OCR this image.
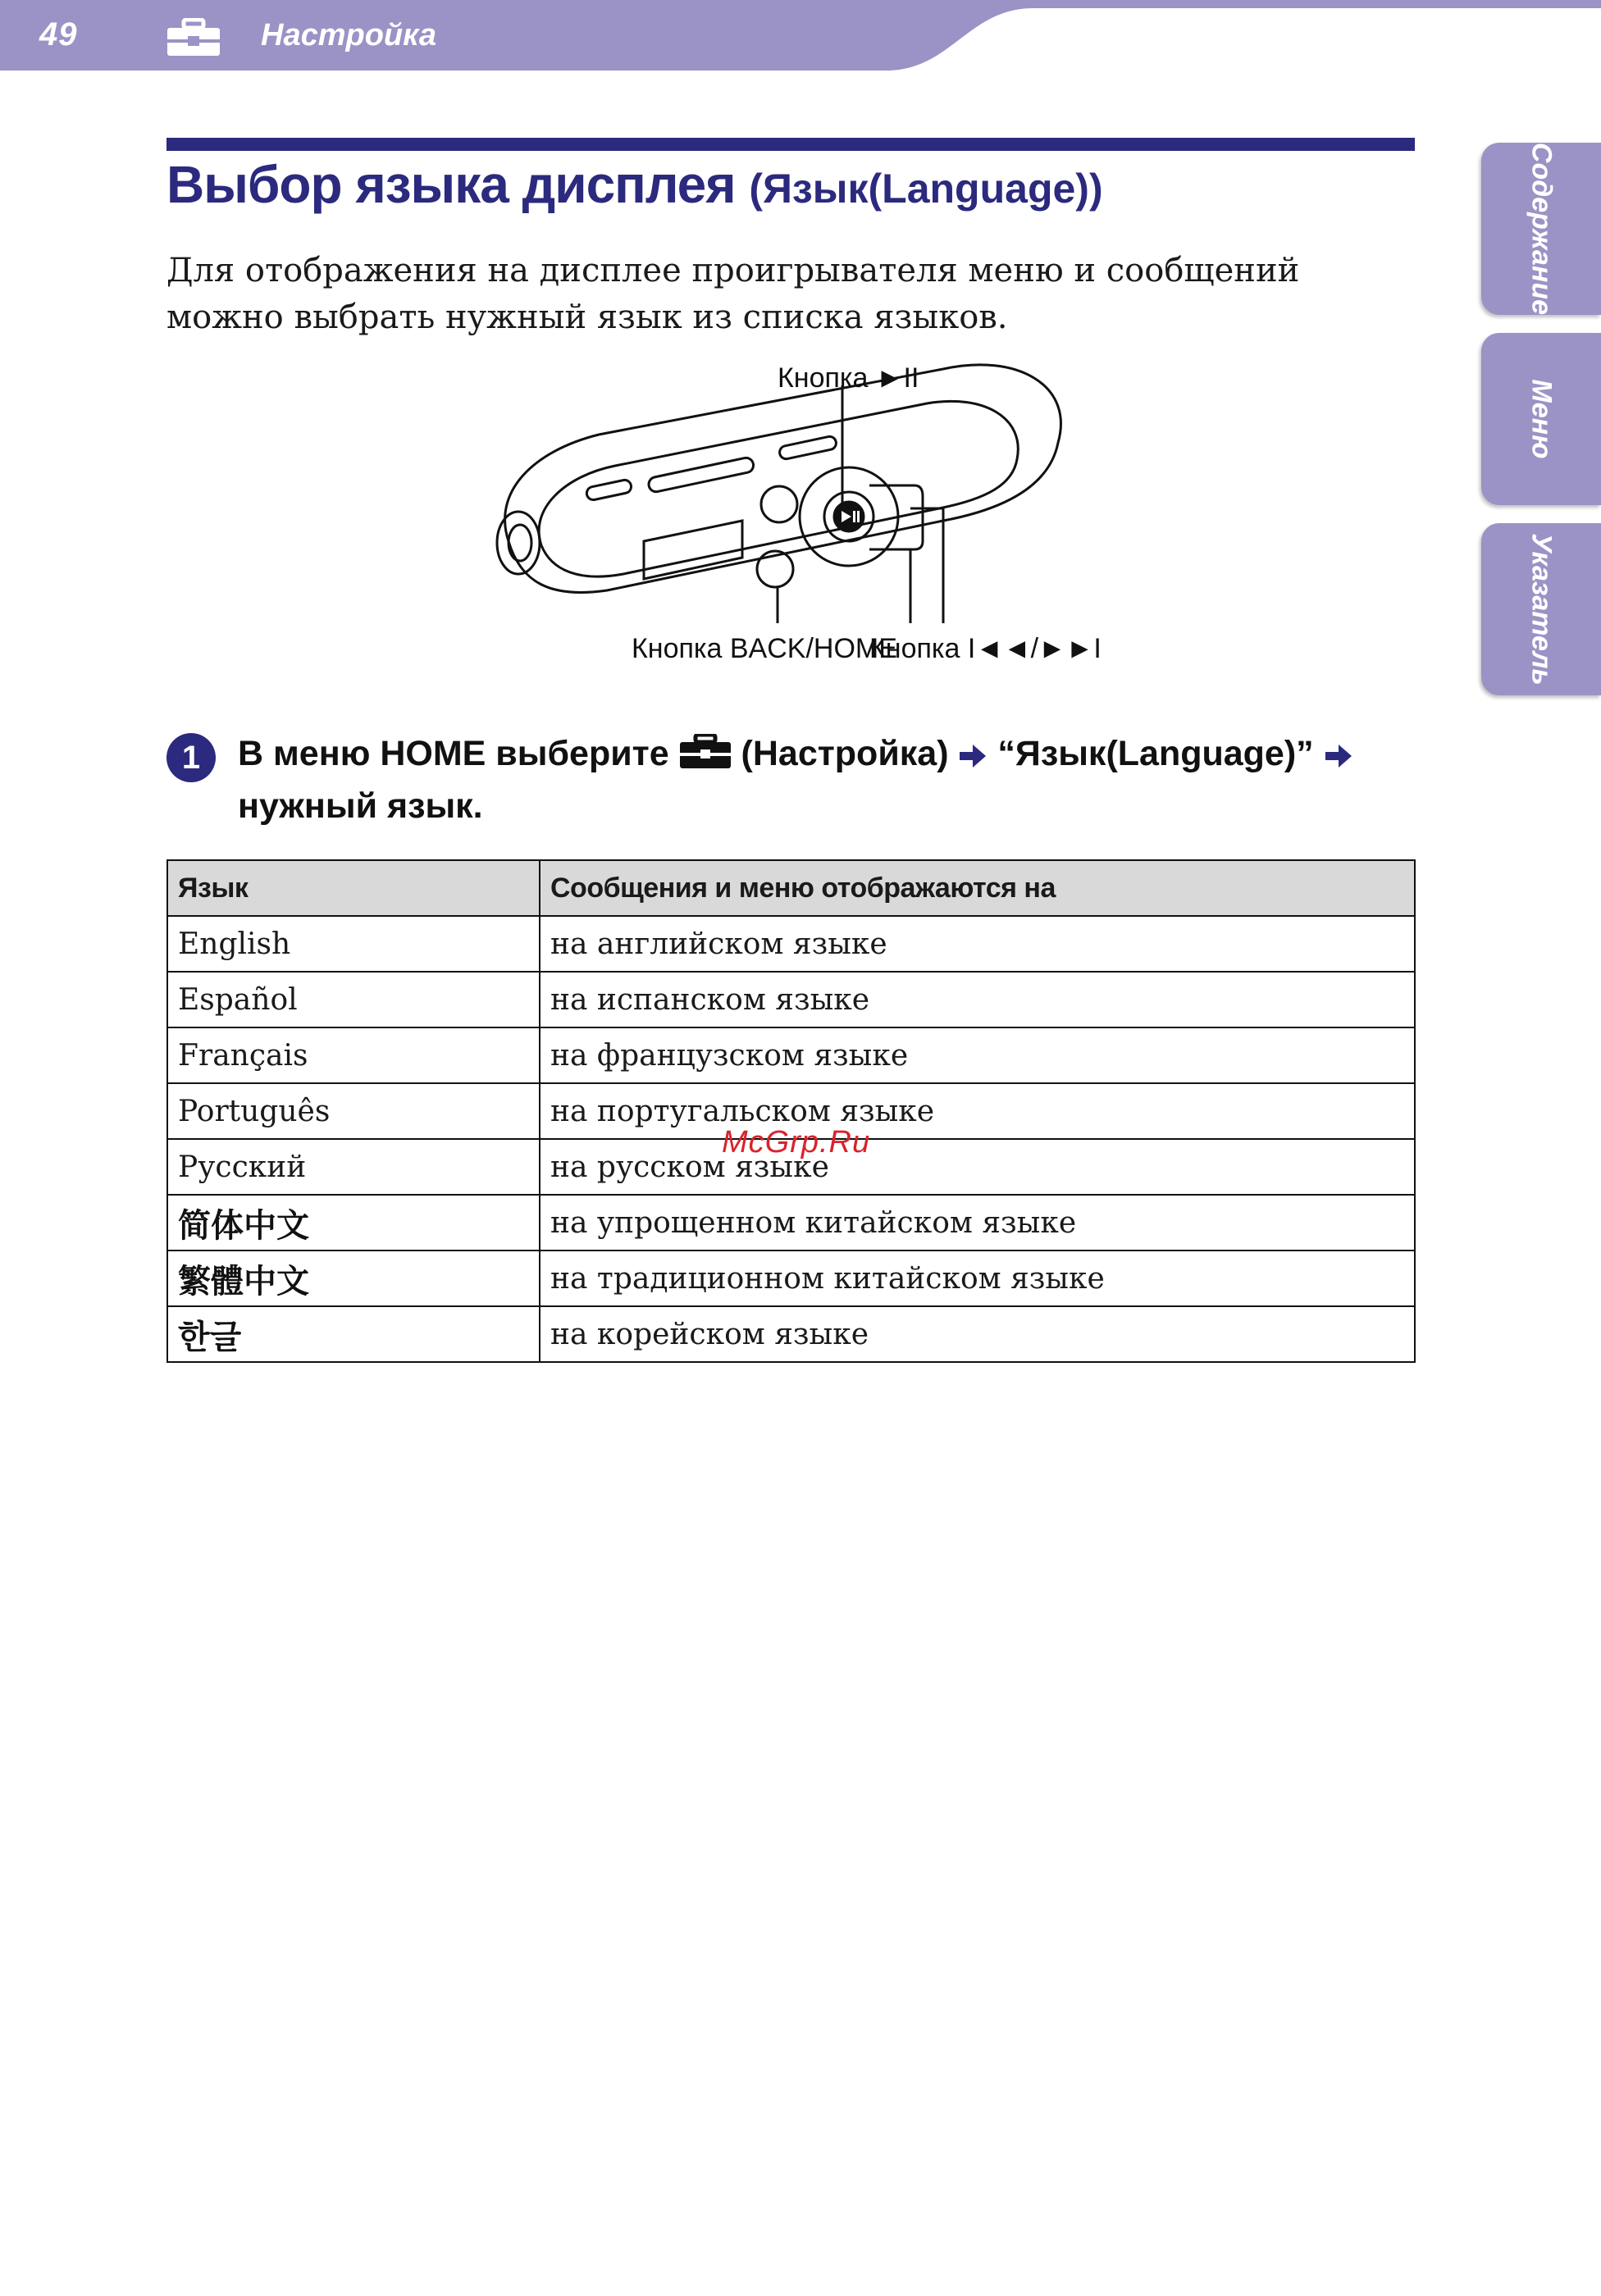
49	Настройка
Содержание
Меню
Указатель
Выбор языка дисплея (Язык(Language))
Для отображения на дисплее проигрывателя меню и сообщений можно выбрать нужный язык из списка языков.
Кнопка ►II
Кнопка BACK/HOME
Кнопка I◄◄/►►I
1	В меню HOME выберите (Настройка) “Язык(Language)”
нужный язык.
Язык	Сообщения и меню отображаются на
English	на английском языке
Español	на испанском языке
Français	на французском языке
Português	на португальском языке
Русский	на русском языке
简体中文	на упрощенном китайском языке
繁體中文	на традиционном китайском языке
한글	на корейском языке
McGrp.Ru
